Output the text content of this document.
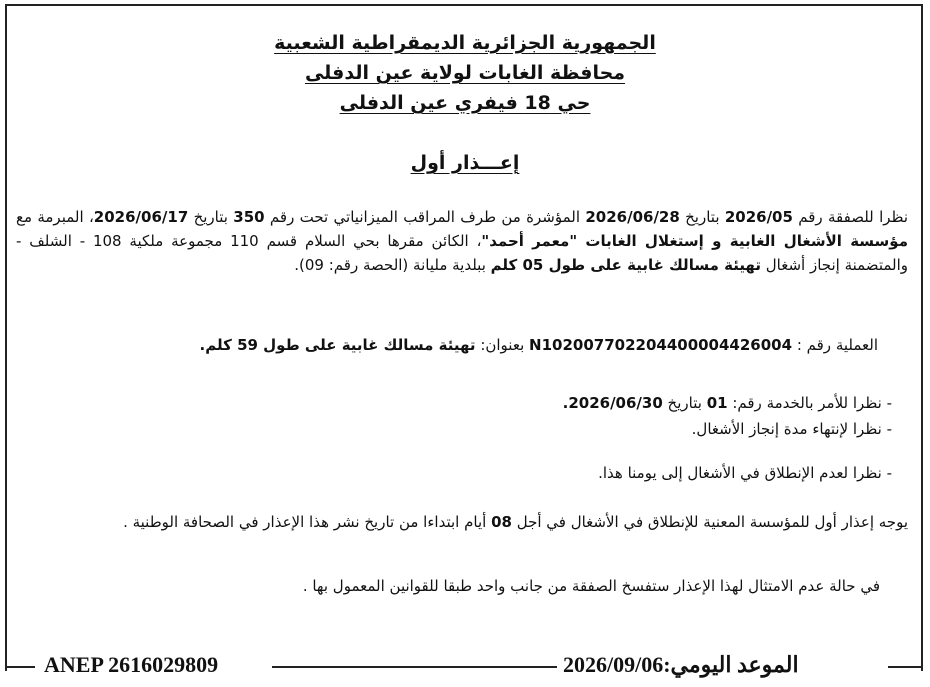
الجمهورية الجزائرية الديمقراطية الشعبية
محافظة الغابات لولاية عين الدفلى
حي 18 فيفري عين الدفلى
إعـــذار أول
نظرا للصفقة رقم 2026/05 بتاريخ 2026/06/28 المؤشرة من طرف المراقب الميزانياتي تحت رقم 350 بتاريخ 2026/06/17، المبرمة مع مؤسسة الأشغال الغابية و إستغلال الغابات "معمر أحمد"، الكائن مقرها بحي السلام قسم 110 مجموعة ملكية 108 - الشلف - والمتضمنة إنجاز أشغال تهيئة مسالك غابية على طول 05 كلم ببلدية مليانة (الحصة رقم: 09).
العملية رقم : N10200770220440000442600​4 بعنوان: تهيئة مسالك غابية على طول 59 كلم.
- نظرا للأمر بالخدمة رقم: 01 بتاريخ 2026/06/30.
- نظرا لإنتهاء مدة إنجاز الأشغال.
- نظرا لعدم الإنطلاق في الأشغال إلى يومنا هذا.
يوجه إعذار أول للمؤسسة المعنية للإنطلاق في الأشغال في أجل 08 أيام ابتداءا من تاريخ نشر هذا الإعذار في الصحافة الوطنية .
في حالة عدم الامتثال لهذا الإعذار ستفسخ الصفقة من جانب واحد طبقا للقوانين المعمول بها .
ANEP 2616029809	الموعد اليومي:2026/09/06
